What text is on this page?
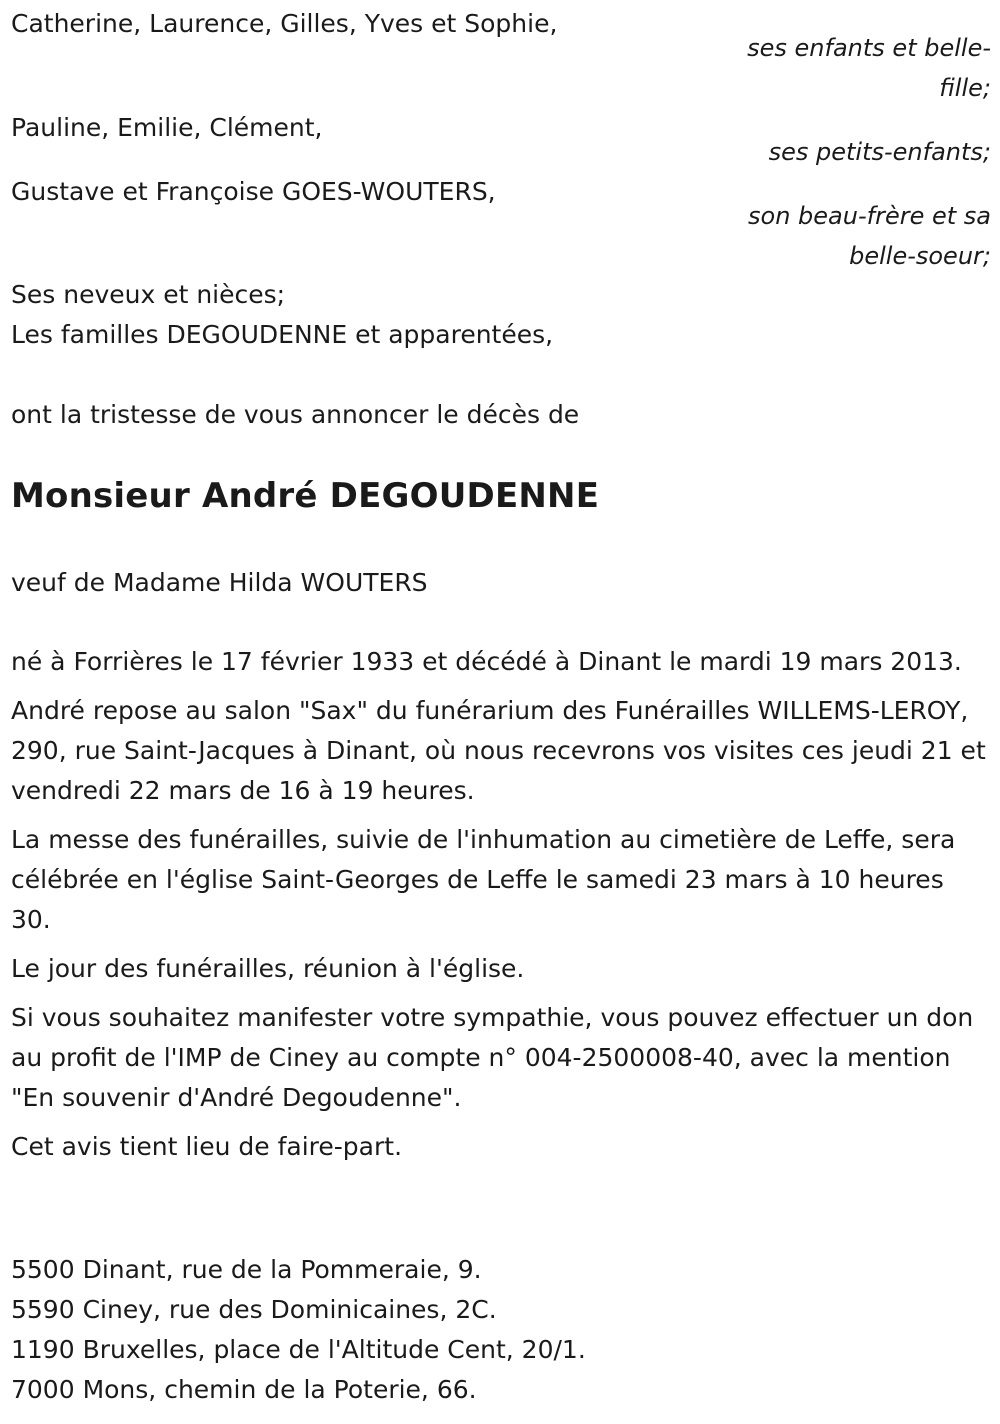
Catherine, Laurence, Gilles, Yves et Sophie,
ses enfants et belle-fille;
Pauline, Emilie, Clément,
ses petits-enfants;
Gustave et Françoise GOES-WOUTERS,
son beau-frère et sa belle-soeur;

Ses neveux et nièces;

Les familles DEGOUDENNE et apparentées,

ont la tristesse de vous annoncer le décès de

Monsieur André DEGOUDENNE

veuf de Madame Hilda WOUTERS

né à Forrières le 17 février 1933 et décédé à Dinant le mardi 19 mars 2013.

André repose au salon "Sax" du funérarium des Funérailles WILLEMS-LEROY, 290, rue Saint-Jacques à Dinant, où nous recevrons vos visites ces jeudi 21 et vendredi 22 mars de 16 à 19 heures.

La messe des funérailles, suivie de l'inhumation au cimetière de Leffe, sera célébrée en l'église Saint-Georges de Leffe le samedi 23 mars à 10 heures 30.

Le jour des funérailles, réunion à l'église.

Si vous souhaitez manifester votre sympathie, vous pouvez effectuer un don au profit de l'IMP de Ciney au compte n° 004-2500008-40, avec la mention "En souvenir d'André Degoudenne".

Cet avis tient lieu de faire-part.

5500 Dinant, rue de la Pommeraie, 9.

5590 Ciney, rue des Dominicaines, 2C.

1190 Bruxelles, place de l'Altitude Cent, 20/1.

7000 Mons, chemin de la Poterie, 66.
